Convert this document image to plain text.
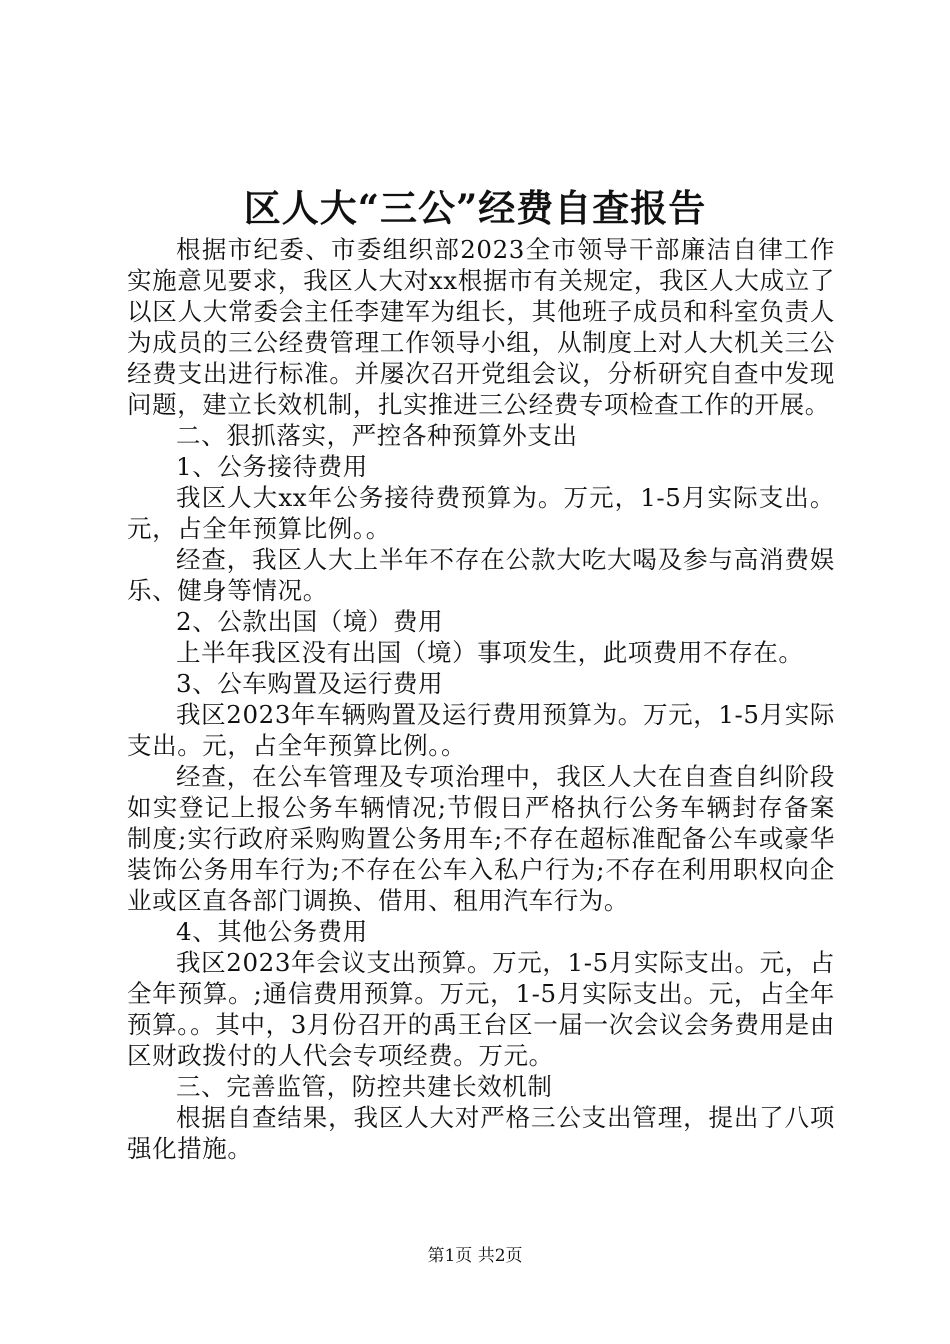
区人大“三公”经费自查报告

根据市纪委、市委组织部2023全市领导干部廉洁自律工作实施意见要求，我区人大对xx根据市有关规定，我区人大成立了以区人大常委会主任李建军为组长，其他班子成员和科室负责人为成员的三公经费管理工作领导小组，从制度上对人大机关三公经费支出进行标准。并屡次召开党组会议，分析研究自查中发现问题，建立长效机制，扎实推进三公经费专项检查工作的开展。

二、狠抓落实，严控各种预算外支出

1、公务接待费用

我区人大xx年公务接待费预算为。万元，1-5月实际支出。元，占全年预算比例。。

经查，我区人大上半年不存在公款大吃大喝及参与高消费娱乐、健身等情况。

2、公款出国（境）费用

上半年我区没有出国（境）事项发生，此项费用不存在。

3、公车购置及运行费用

我区2023年车辆购置及运行费用预算为。万元，1-5月实际支出。元，占全年预算比例。。

经查，在公车管理及专项治理中，我区人大在自查自纠阶段如实登记上报公务车辆情况;节假日严格执行公务车辆封存备案制度;实行政府采购购置公务用车;不存在超标准配备公车或豪华装饰公务用车行为;不存在公车入私户行为;不存在利用职权向企业或区直各部门调换、借用、租用汽车行为。

4、其他公务费用

我区2023年会议支出预算。万元，1-5月实际支出。元，占全年预算。;通信费用预算。万元，1-5月实际支出。元，占全年预算。。其中，3月份召开的禹王台区一届一次会议会务费用是由区财政拨付的人代会专项经费。万元。

三、完善监管，防控共建长效机制

根据自查结果，我区人大对严格三公支出管理，提出了八项强化措施。

第1页 共2页
